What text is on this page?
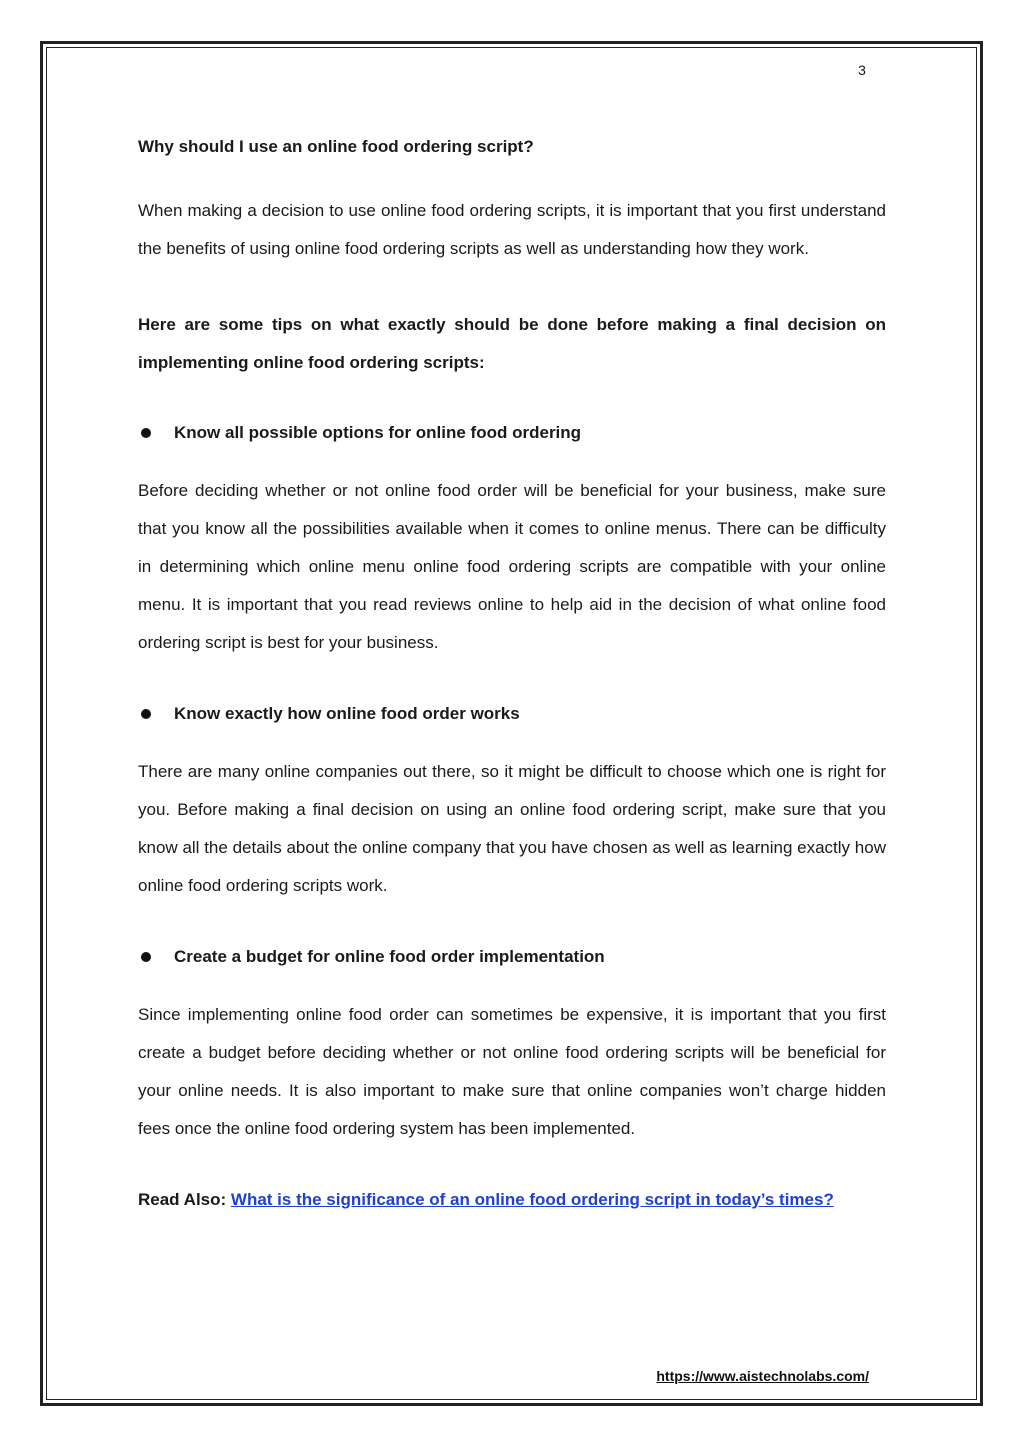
3

Why should I use an online food ordering script?

When making a decision to use online food ordering scripts, it is important that you first understand the benefits of using online food ordering scripts as well as understanding how they work.

Here are some tips on what exactly should be done before making a final decision on implementing online food ordering scripts:

Know all possible options for online food ordering

Before deciding whether or not online food order will be beneficial for your business, make sure that you know all the possibilities available when it comes to online menus. There can be difficulty in determining which online menu online food ordering scripts are compatible with your online menu. It is important that you read reviews online to help aid in the decision of what online food ordering script is best for your business.

Know exactly how online food order works

There are many online companies out there, so it might be difficult to choose which one is right for you. Before making a final decision on using an online food ordering script, make sure that you know all the details about the online company that you have chosen as well as learning exactly how online food ordering scripts work.

Create a budget for online food order implementation

Since implementing online food order can sometimes be expensive, it is important that you first create a budget before deciding whether or not online food ordering scripts will be beneficial for your online needs. It is also important to make sure that online companies won’t charge hidden fees once the online food ordering system has been implemented.

Read Also: What is the significance of an online food ordering script in today’s times?
https://www.aistechnolabs.com/
